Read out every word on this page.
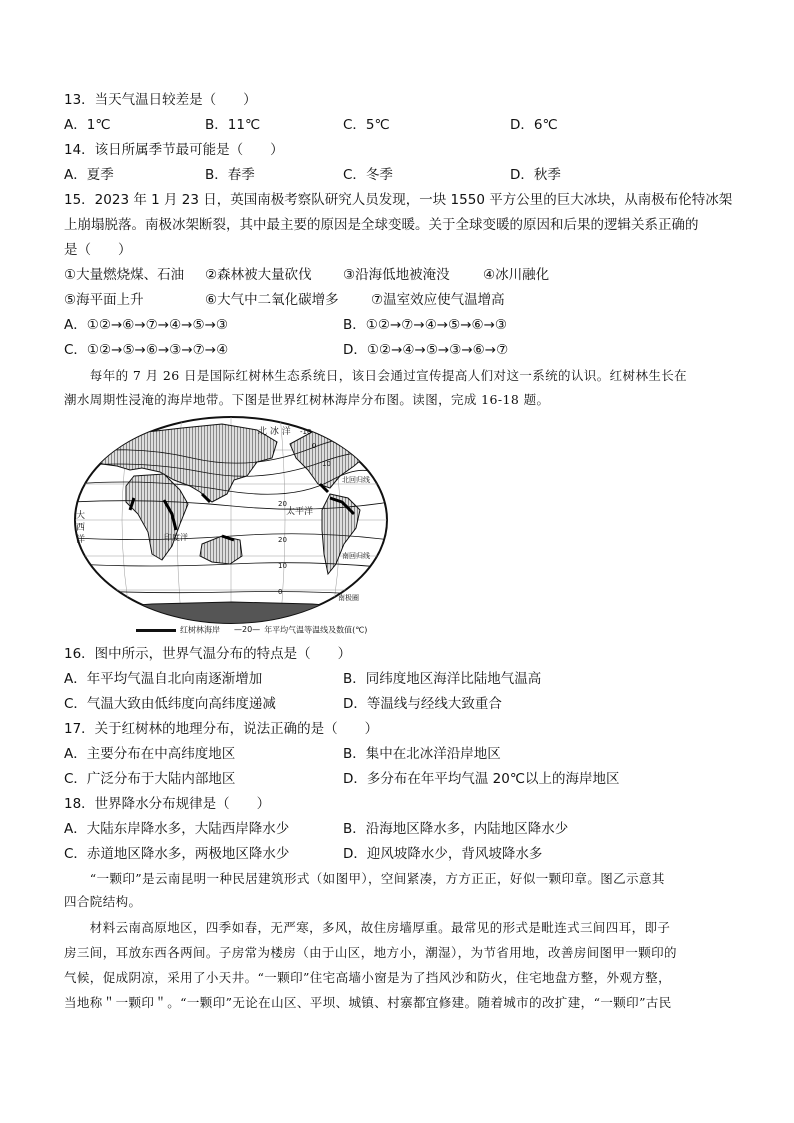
13．当天气温日较差是（　　）
A．1℃	B．11℃	C．5℃	D．6℃
14．该日所属季节最可能是（　　）
A．夏季	B．春季	C．冬季	D．秋季
15．2023 年 1 月 23 日，英国南极考察队研究人员发现，一块 1550 平方公里的巨大冰块，从南极布伦特冰架
上崩塌脱落。南极冰架断裂，其中最主要的原因是全球变暖。关于全球变暖的原因和后果的逻辑关系正确的
是（　　）
①大量燃烧煤、石油 ②森林被大量砍伐 ③沿海低地被淹没 ④冰川融化
⑤海平面上升	⑥大气中二氧化碳增多 ⑦温室效应使气温增高
A．①②→⑥→⑦→④→⑤→③	B．①②→⑦→④→⑤→⑥→③
C．①②→⑤→⑥→③→⑦→④	D．①②→④→⑤→③→⑥→⑦
　　每年的 7 月 26 日是国际红树林生态系统日，该日会通过宣传提高人们对这一系统的认识。红树林生长在
潮水周期性浸淹的海岸地带。下图是世界红树林海岸分布图。读图，完成 16-18 题。
-10
0
10
20
20
10
0
北 冰 洋
太平洋
大
西
洋	印度洋
北回归线
南回归线
南极圈
红树林海岸 —20— 年平均气温等温线及数值(℃)
16．图中所示，世界气温分布的特点是（　　）
A．年平均气温自北向南逐渐增加	B．同纬度地区海洋比陆地气温高
C．气温大致由低纬度向高纬度递减	D．等温线与经线大致重合
17．关于红树林的地理分布，说法正确的是（　　）
A．主要分布在中高纬度地区	B．集中在北冰洋沿岸地区
C．广泛分布于大陆内部地区	D．多分布在年平均气温 20℃以上的海岸地区
18．世界降水分布规律是（　　）
A．大陆东岸降水多，大陆西岸降水少	B．沿海地区降水多，内陆地区降水少
C．赤道地区降水多，两极地区降水少	D．迎风坡降水少，背风坡降水多
　　“一颗印”是云南昆明一种民居建筑形式（如图甲），空间紧凑，方方正正，好似一颗印章。图乙示意其
四合院结构。
　　材料云南高原地区，四季如春，无严寒，多风，故住房墙厚重。最常见的形式是毗连式三间四耳，即子
房三间，耳放东西各两间。子房常为楼房（由于山区，地方小，潮湿），为节省用地，改善房间图甲一颗印的
气候，促成阴凉，采用了小天井。“一颗印”住宅高墙小窗是为了挡风沙和防火，住宅地盘方整，外观方整，
当地称＂一颗印＂。“一颗印”无论在山区、平坝、城镇、村寨都宜修建。随着城市的改扩建，“一颗印”古民
